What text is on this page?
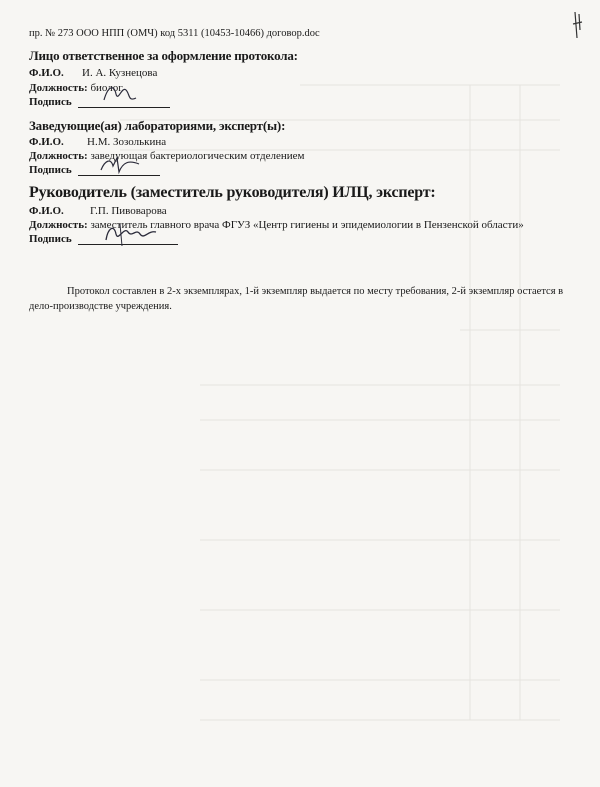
пр. № 273 ООО НПП (ОМЧ) код 5311 (10453-10466) договор.doc
Лицо ответственное за оформление протокола:
Ф.И.О. И. А. Кузнецова
Должность: биолог
Подпись
Заведующие(ая) лабораториями, эксперт(ы):
Ф.И.О. Н.М. Зозолькина
Должность: заведующая бактериологическим отделением
Подпись
Руководитель (заместитель руководителя) ИЛЦ, эксперт:
Ф.И.О. Г.П. Пивоварова
Должность: заместитель главного врача ФГУЗ «Центр гигиены и эпидемиологии в Пензенской области»
Подпись
Протокол составлен в 2-х экземплярах, 1-й экземпляр выдается по месту требования, 2-й экземпляр остается в дело-производстве учреждения.
